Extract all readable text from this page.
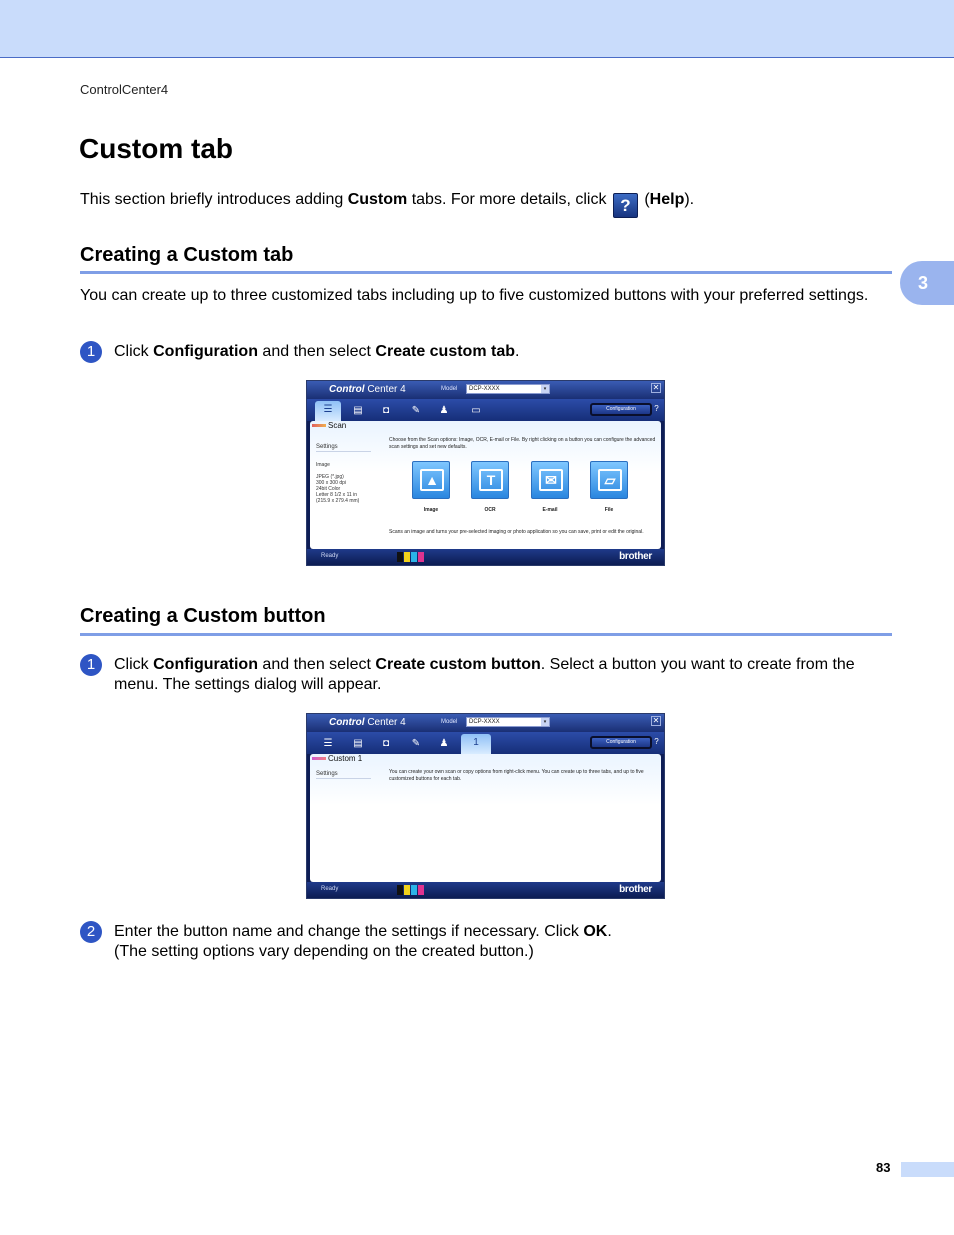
ControlCenter4
3
Custom tab
This section briefly introduces adding Custom tabs. For more details, click ? (Help).
Creating a Custom tab
You can create up to three customized tabs including up to five customized buttons with your preferred settings.
1	Click Configuration and then select Create custom tab.
Control Center 4	Model	DCP-XXXX	▾	✕
☰	▤	◘	✎	♟	▭	Configuration	?
Scan
Settings
Image

JPEG (*.jpg)
300 x 300 dpi
24bit Color
Letter 8 1/2 x 11 in
(215.9 x 279.4 mm)
Choose from the Scan options: Image, OCR, E-mail or File. By right clicking on a button you can configure the advanced scan settings and set new defaults.
▲
Image
T
OCR
✉
E-mail
▱
File
Scans an image and turns your pre-selected imaging or photo application so you can save, print or edit the original.
Ready	brother
Creating a Custom button
1	Click Configuration and then select Create custom button. Select a button you want to create from the menu. The settings dialog will appear.
Control Center 4	Model	DCP-XXXX	▾	✕
☰	▤	◘	✎	♟	1	Configuration	?
Custom 1
Settings	You can create your own scan or copy options from right-click menu. You can create up to three tabs, and up to five customized buttons for each tab.
Ready	brother
2	Enter the button name and change the settings if necessary. Click OK.
(The setting options vary depending on the created button.)
83
